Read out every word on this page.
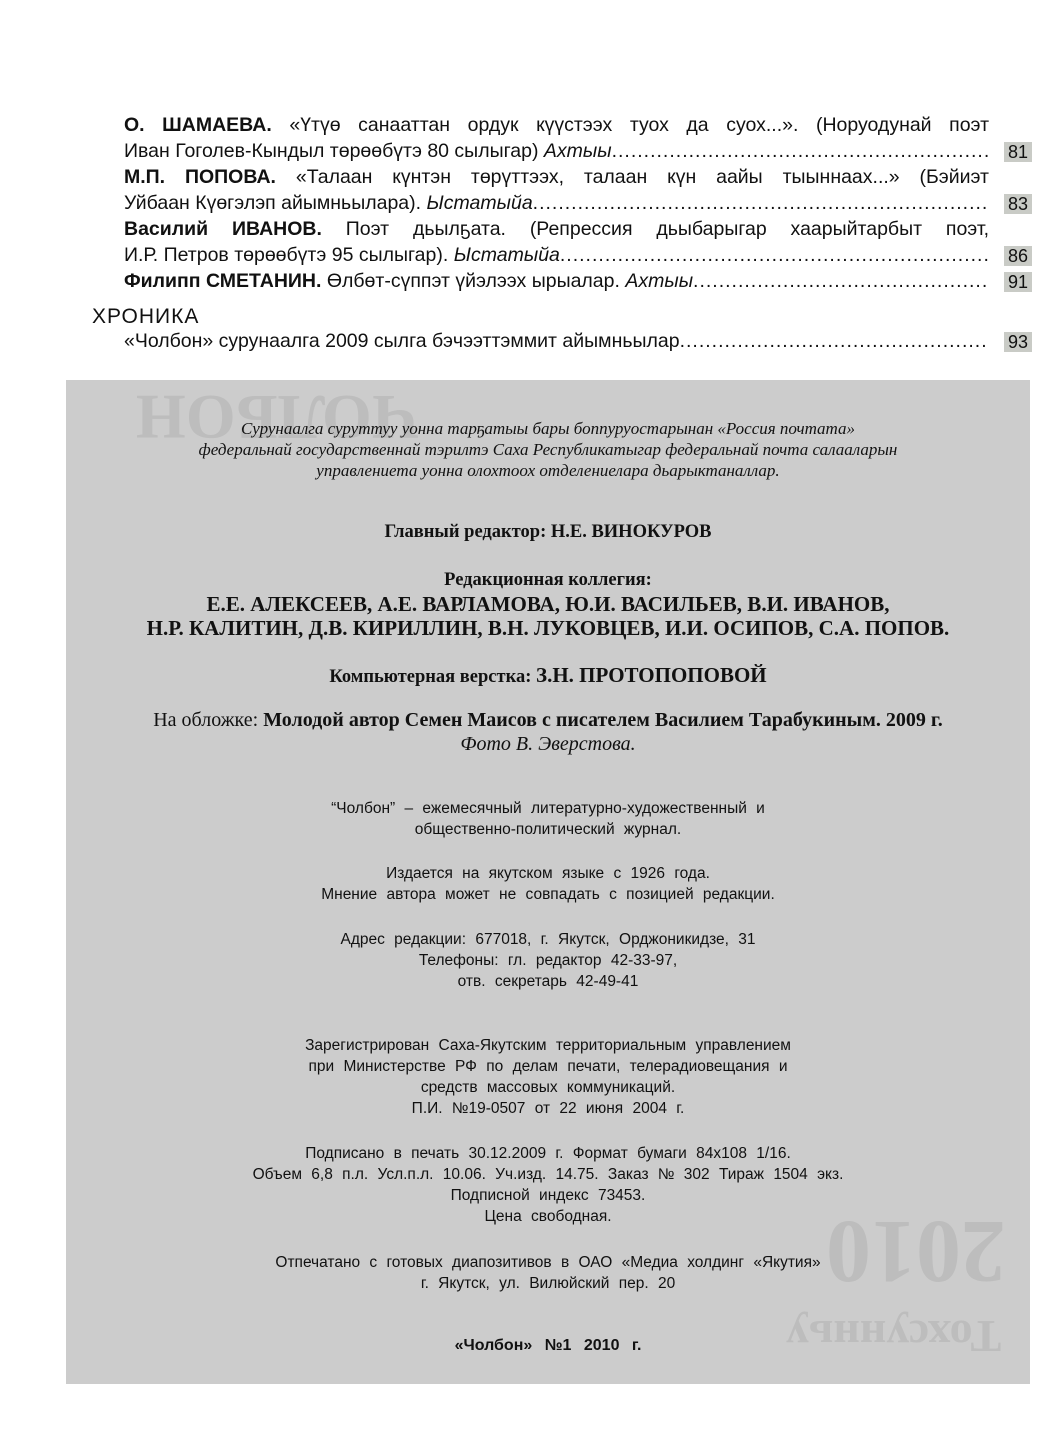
О. ШАМАЕВА. «Үтүө санааттан ордук күүстээх туох да суох...». (Норуодунай поэт
Иван Гоголев-Кындыл төрөөбүтэ 80 сылыгар) Ахтыы .....	81
М.П. ПОПОВА. «Талаан күнтэн төрүттээх, талаан күн аайы тыыннаах...» (Бэйиэт
Уйбаан Күөгэлэп айымньылара). Ыстатыйа .....	83
Василий ИВАНОВ. Поэт дьылҕата. (Репрессия дьыбарыгар хаарыйтарбыт поэт,
И.Р. Петров төрөөбүтэ 95 сылыгар). Ыстатыйа .....	86
Филипп СМЕТАНИН. Өлбөт-сүппэт үйэлээх ырыалар. Ахтыы .....	91
ХРОНИКА
«Чолбон» сурунаалга 2009 сылга бэчээттэммит айымньылар .....	93
ЧОЛБОН
2010
Тохсунньу
Сурунаалга суруттуу уонна тарҕатыы бары боппуруостарынан «Россия почтата»
федеральнай государственнай тэрилтэ Саха Республикатыгар федеральнай почта салааларын
управлениета уонна олохтоох отделениелара дьарыктаналлар.
Главный редактор: Н.Е. ВИНОКУРОВ
Редакционная коллегия:
Е.Е. АЛЕКСЕЕВ, А.Е. ВАРЛАМОВА, Ю.И. ВАСИЛЬЕВ, В.И. ИВАНОВ,
Н.Р. КАЛИТИН, Д.В. КИРИЛЛИН, В.Н. ЛУКОВЦЕВ, И.И. ОСИПОВ, С.А. ПОПОВ.
Компьютерная верстка: З.Н. ПРОТОПОПОВОЙ
На обложке: Молодой автор Семен Маисов с писателем Василием Тарабукиным. 2009 г.
Фото В. Эверстова.
“Чолбон” – ежемесячный литературно-художественный и
общественно-политический журнал.
Издается на якутском языке с 1926 года.
Мнение автора может не совпадать с позицией редакции.
Адрес редакции: 677018, г. Якутск, Орджоникидзе, 31
Телефоны: гл. редактор 42-33-97,
отв. секретарь 42-49-41
Зарегистрирован Саха-Якутским территориальным управлением
при Министерстве РФ по делам печати, телерадиовещания и
средств массовых коммуникаций.
П.И. №19-0507 от 22 июня 2004 г.
Подписано в печать 30.12.2009 г. Формат бумаги 84х108 1/16.
Объем 6,8 п.л. Усл.п.л. 10.06. Уч.изд. 14.75. Заказ № 302 Тираж 1504 экз.
Подписной индекс 73453.
Цена свободная.
Отпечатано с готовых диапозитивов в ОАО «Медиа холдинг «Якутия»
г. Якутск, ул. Вилюйский пер. 20
«Чолбон» №1 2010 г.
